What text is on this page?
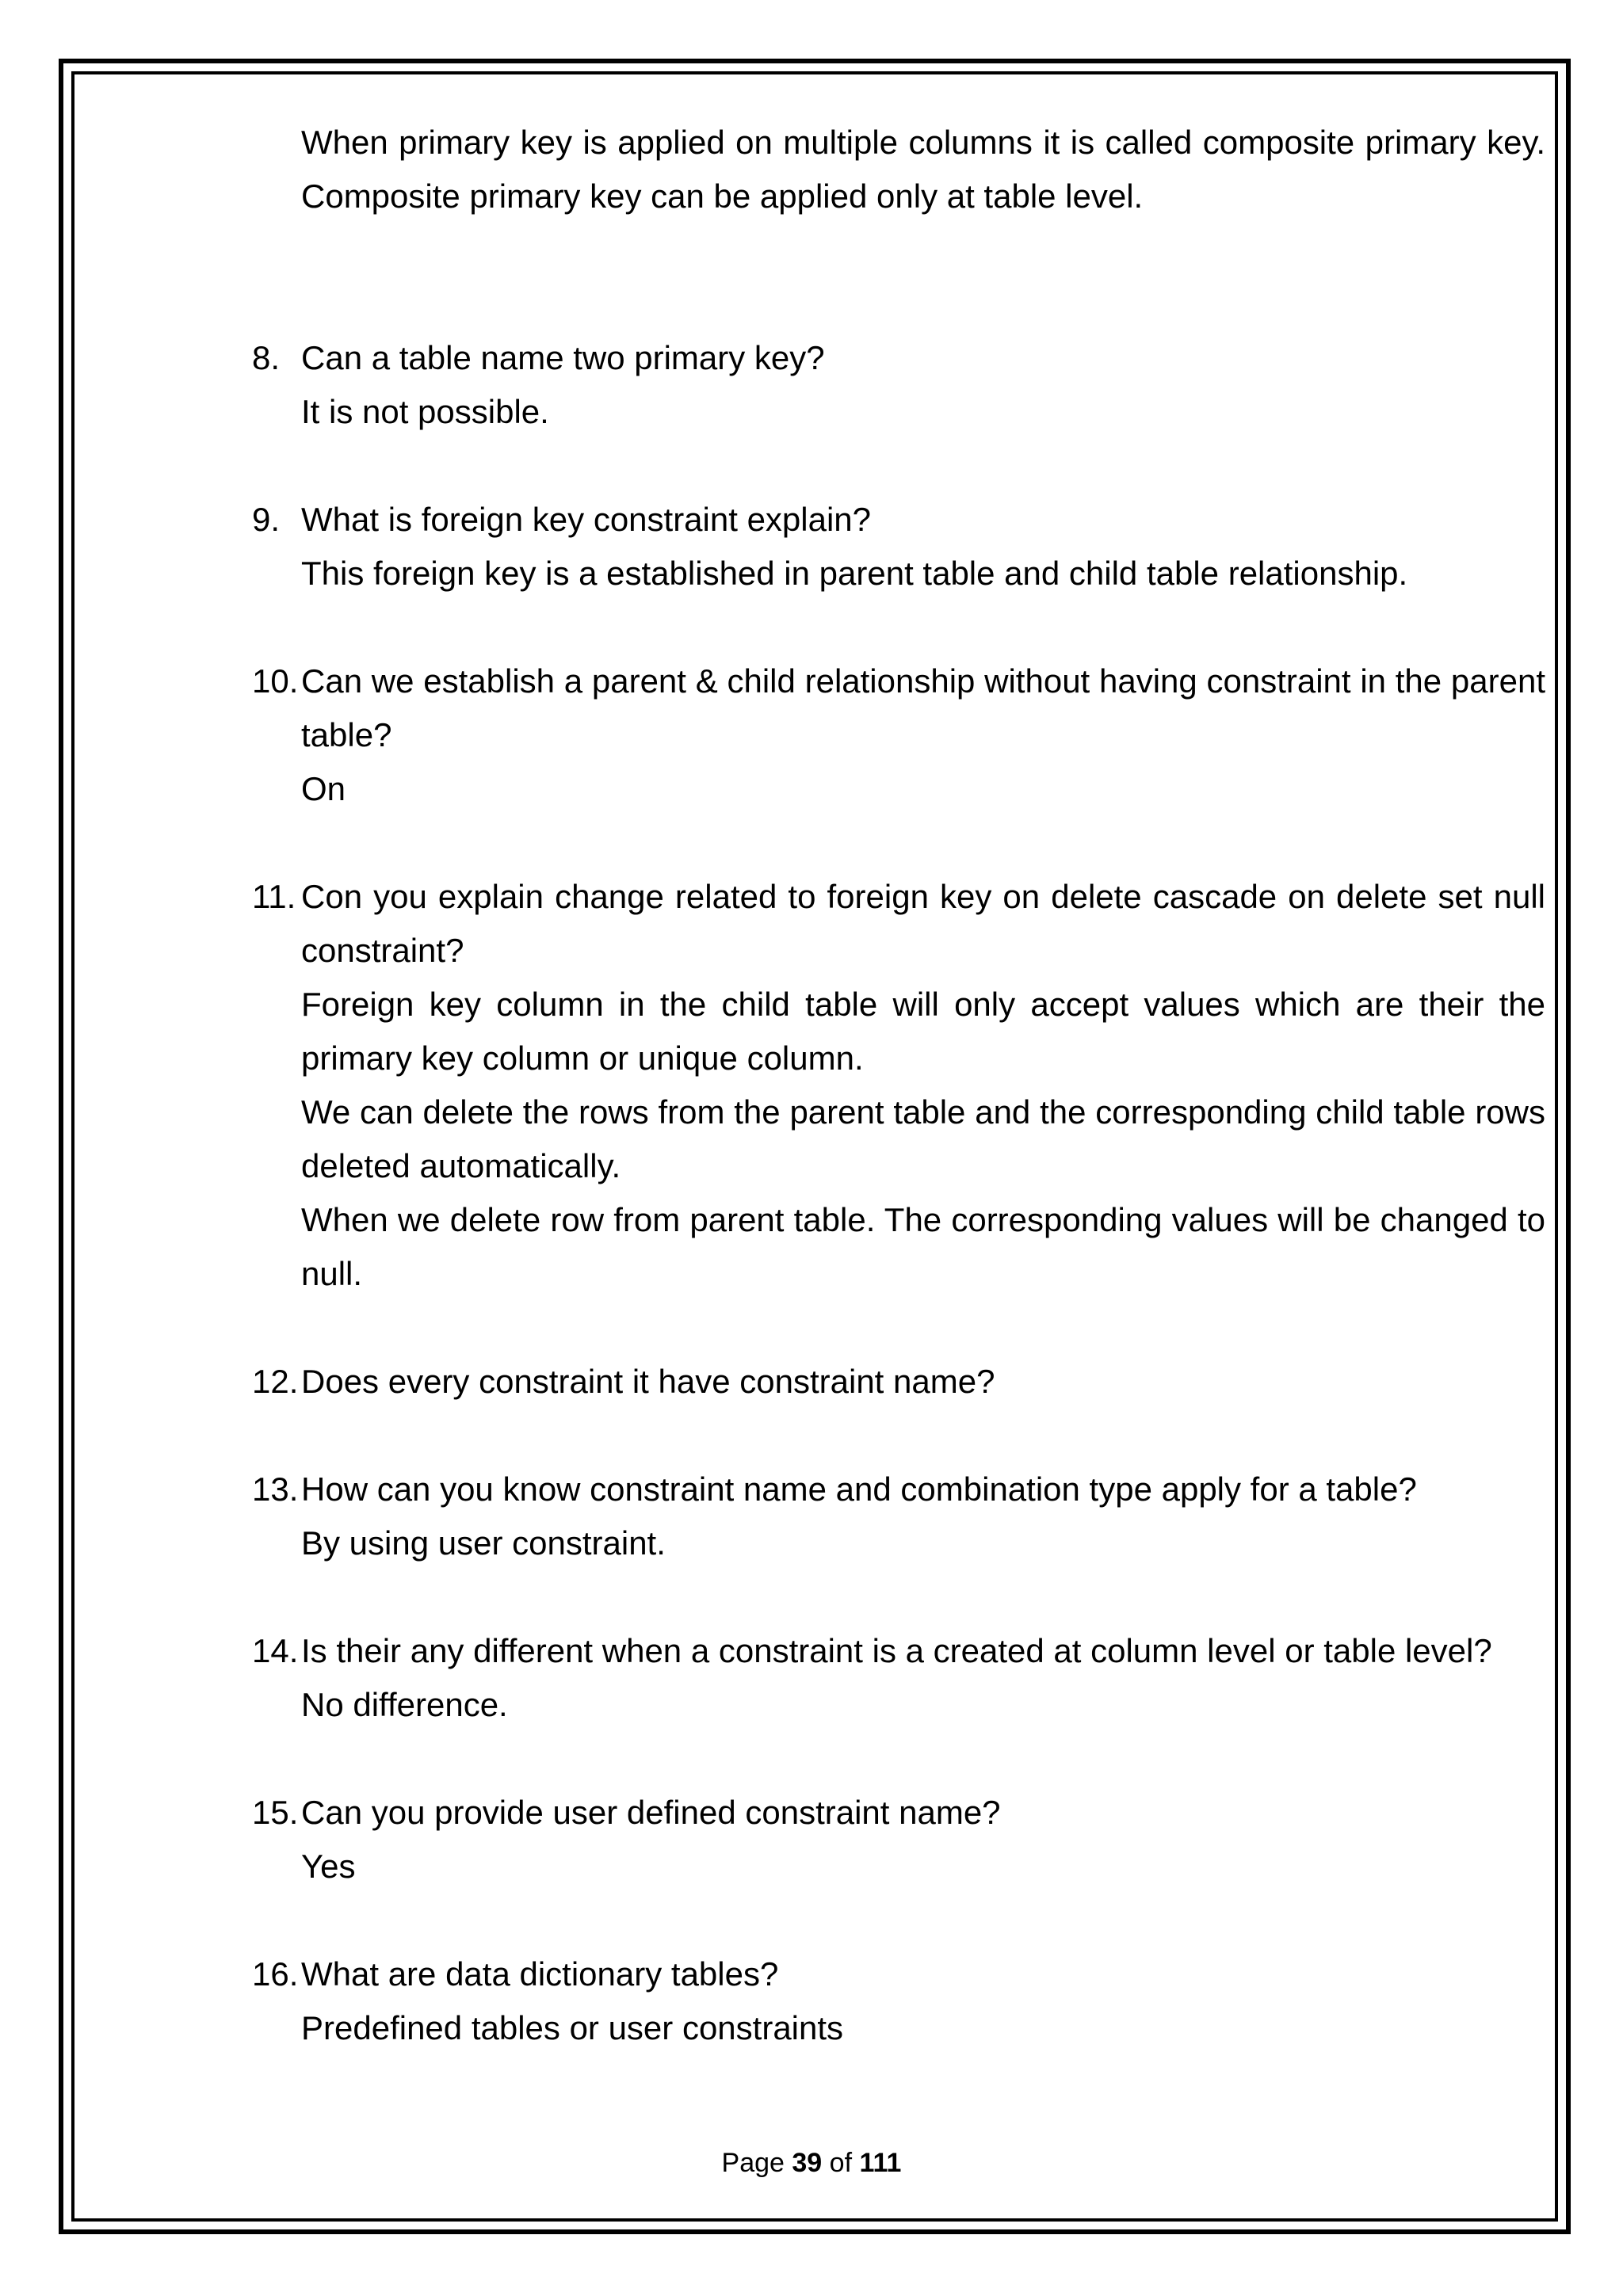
When primary key is applied on multiple columns it is called composite primary key. Composite primary key can be applied only at table level.

8. Can a table name two primary key?

It is not possible.

9. What is foreign key constraint explain?

This foreign key is a established in parent table and child table relationship.

10. Can we establish a parent & child relationship without having constraint in the parent table?

On

11. Con you explain change related to foreign key on delete cascade on delete set null constraint?

Foreign key column in the child table will only accept values which are their the primary key column or unique column.

We can delete the rows from the parent table and the corresponding child table rows deleted automatically.

When we delete row from parent table. The corresponding values will be changed to null.

12. Does every constraint it have constraint name?

13. How can you know constraint name and combination type apply for a table?

By using user constraint.

14. Is their any different when a constraint is a created at column level or table level?

No difference.

15. Can you provide user defined constraint name?

Yes

16. What are data dictionary tables?

Predefined tables or user constraints

Page 39 of 111
